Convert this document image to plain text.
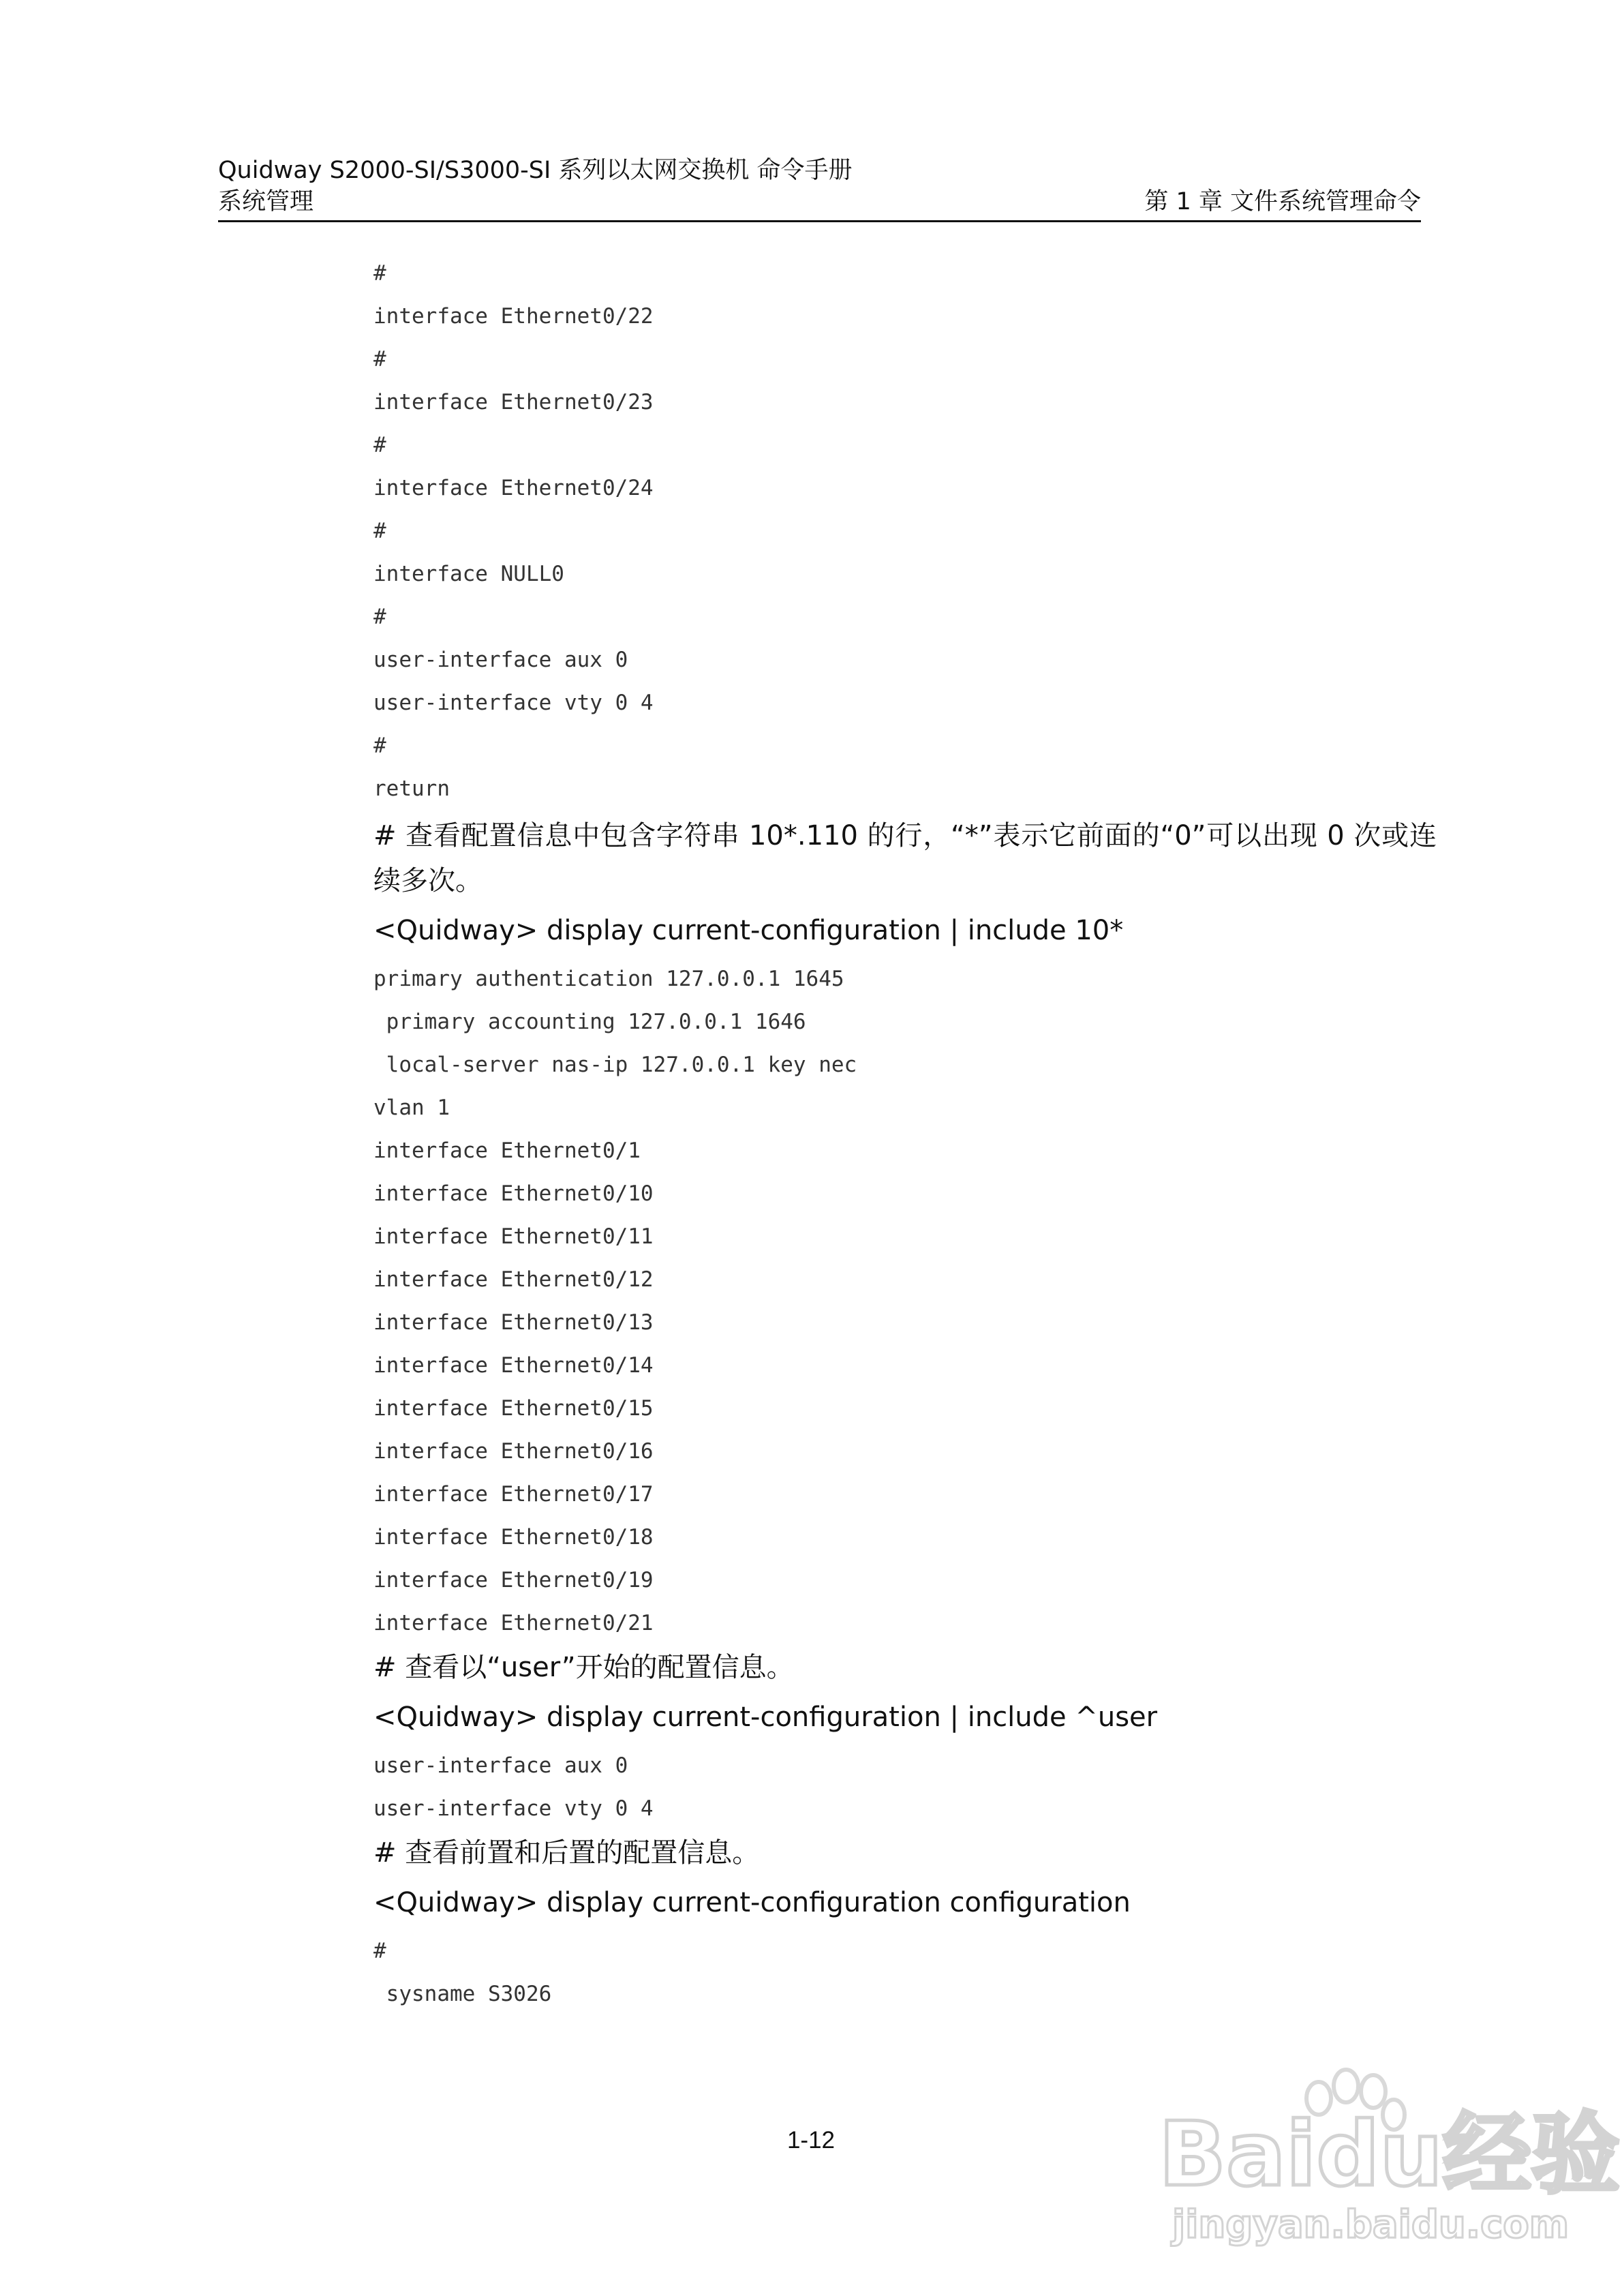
Quidway S2000-SI/S3000-SI 系列以太网交换机 命令手册
系统管理	第 1 章 文件系统管理命令
#
interface Ethernet0/22
#
interface Ethernet0/23
#
interface Ethernet0/24
#
interface NULL0
#
user-interface aux 0
user-interface vty 0 4
#
return
# 查看配置信息中包含字符串 10*.110 的行，“*”表示它前面的“0”可以出现 0 次或连续多次。
<Quidway> display current-configuration | include 10*
primary authentication 127.0.0.1 1645
primary accounting 127.0.0.1 1646
local-server nas-ip 127.0.0.1 key nec
vlan 1
interface Ethernet0/1
interface Ethernet0/10
interface Ethernet0/11
interface Ethernet0/12
interface Ethernet0/13
interface Ethernet0/14
interface Ethernet0/15
interface Ethernet0/16
interface Ethernet0/17
interface Ethernet0/18
interface Ethernet0/19
interface Ethernet0/21
# 查看以“user”开始的配置信息。
<Quidway> display current-configuration | include ^user
user-interface aux 0
user-interface vty 0 4
# 查看前置和后置的配置信息。
<Quidway> display current-configuration configuration
#
sysname S3026
1-12	Baidu经验
jingyan.baidu.com
